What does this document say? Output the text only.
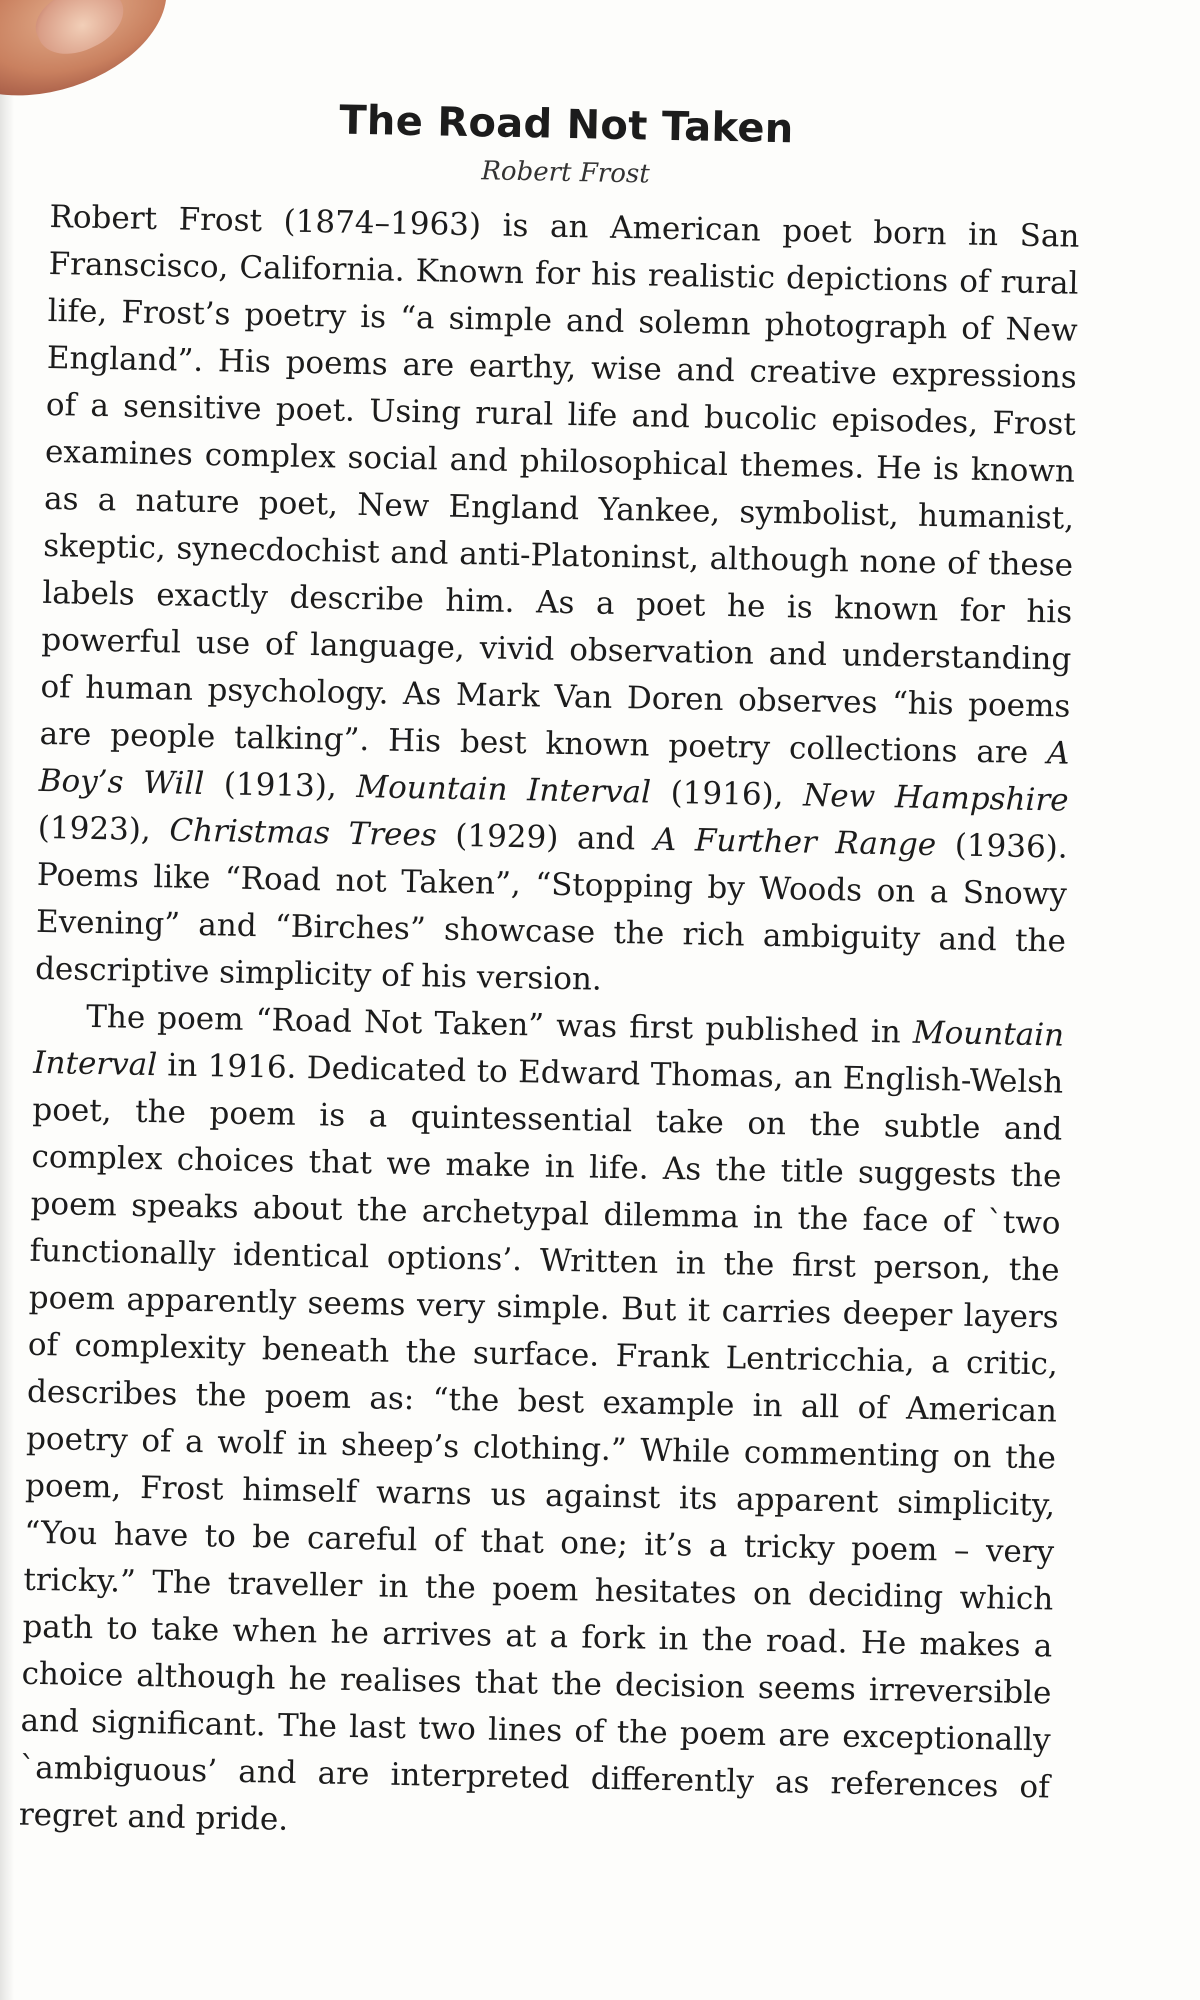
The Road Not Taken
Robert Frost

Robert Frost (1874–1963) is an American poet born in San Franscisco, California. Known for his realistic depictions of rural life, Frost’s poetry is “a simple and solemn photograph of New England”. His poems are earthy, wise and creative expressions of a sensitive poet. Using rural life and bucolic episodes, Frost examines complex social and philosophical themes. He is known as a nature poet, New England Yankee, symbolist, humanist, skeptic, synecdochist and anti-Platoninst, although none of these labels exactly describe him. As a poet he is known for his powerful use of language, vivid observation and understanding of human psychology. As Mark Van Doren observes “his poems are people talking”. His best known poetry collections are A Boy’s Will (1913), Mountain Interval (1916), New Hampshire (1923), Christmas Trees (1929) and A Further Range (1936). Poems like “Road not Taken”, “Stopping by Woods on a Snowy Evening” and “Birches” showcase the rich ambiguity and the descriptive simplicity of his version.

The poem “Road Not Taken” was first published in Mountain Interval in 1916. Dedicated to Edward Thomas, an English-Welsh poet, the poem is a quintessential take on the subtle and complex choices that we make in life. As the title suggests the poem speaks about the archetypal dilemma in the face of `two functionally identical options’. Written in the first person, the poem apparently seems very simple. But it carries deeper layers of complexity beneath the surface. Frank Lentricchia, a critic, describes the poem as: “the best example in all of American poetry of a wolf in sheep’s clothing.” While commenting on the poem, Frost himself warns us against its apparent simplicity, “You have to be careful of that one; it’s a tricky poem – very tricky.” The traveller in the poem hesitates on deciding which path to take when he arrives at a fork in the road. He makes a choice although he realises that the decision seems irreversible and significant. The last two lines of the poem are exceptionally `ambiguous’ and are interpreted differently as references of regret and pride.
